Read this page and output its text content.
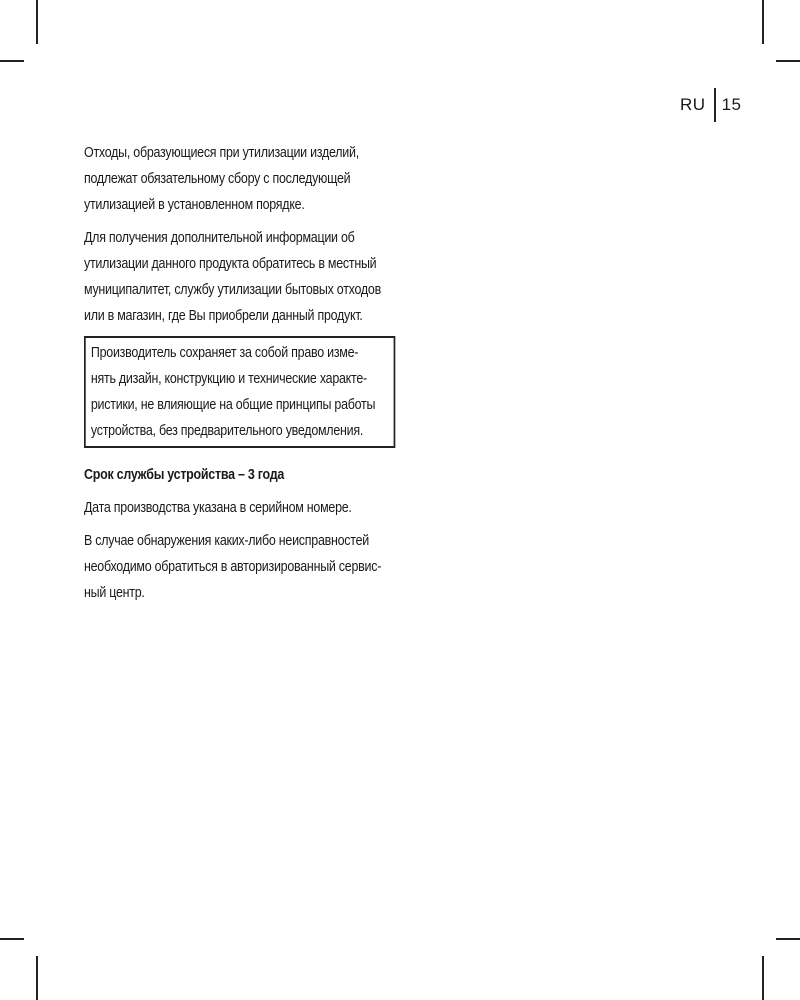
RU 15

Отходы, образующиеся при утилизации изделий,
подлежат обязательному сбору с последующей
утилизацией в установленном порядке.

Для получения дополнительной информации об
утилизации данного продукта обратитесь в местный
муниципалитет, службу утилизации бытовых отходов
или в магазин, где Вы приобрели данный продукт.

Производитель сохраняет за собой право изме-
нять дизайн, конструкцию и технические характе-
ристики, не влияющие на общие принципы работы
устройства, без предварительного уведомления.

Срок службы устройства – 3 года

Дата производства указана в серийном номере.

В случае обнаружения каких-либо неисправностей
необходимо обратиться в авторизированный сервис-
ный центр.
